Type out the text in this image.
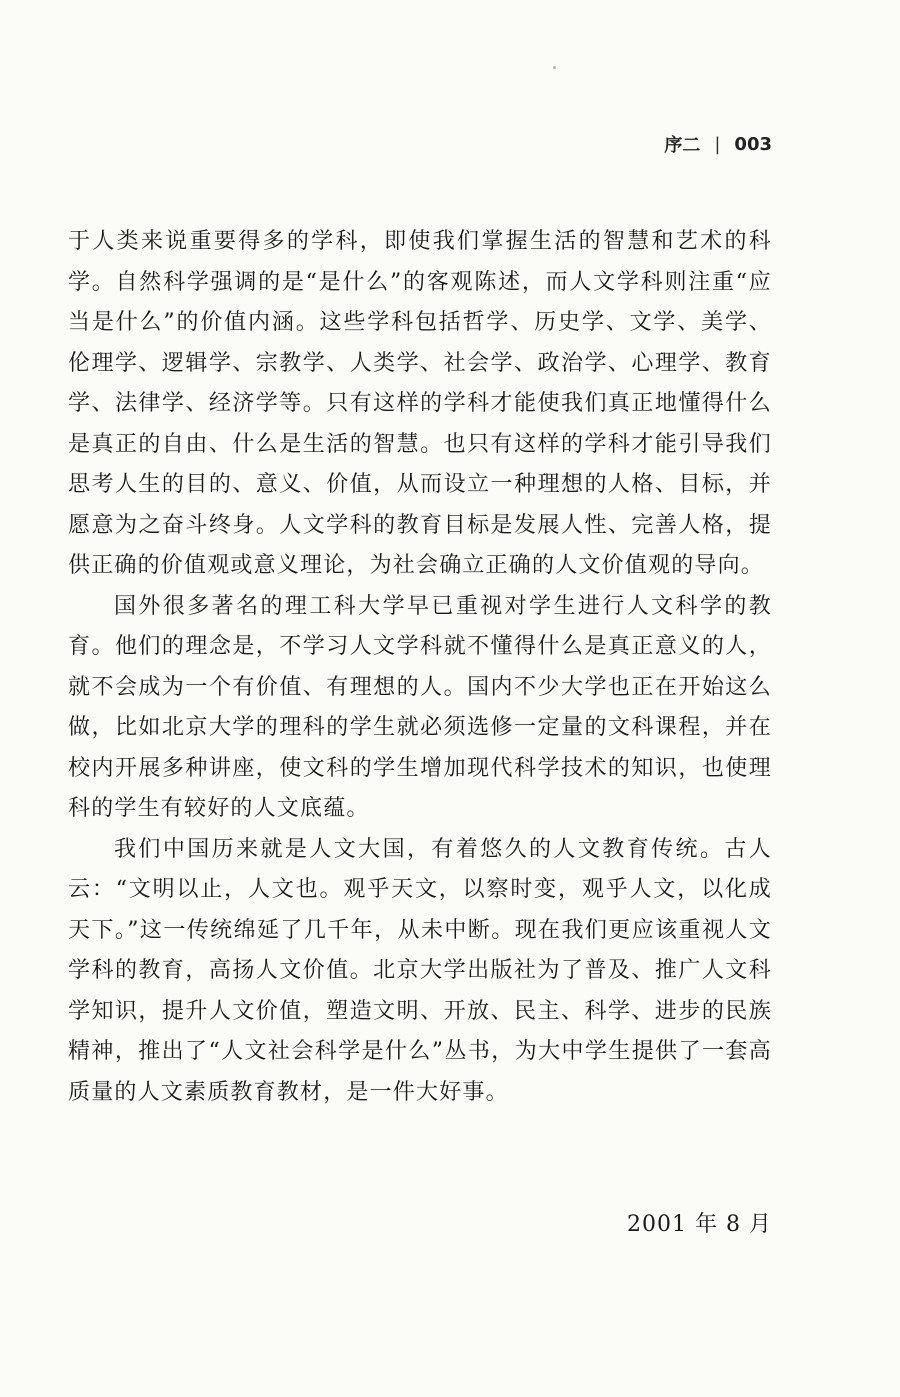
序二 | 003

于人类来说重要得多的学科，即使我们掌握生活的智慧和艺术的科学。自然科学强调的是“是什么”的客观陈述，而人文学科则注重“应当是什么”的价值内涵。这些学科包括哲学、历史学、文学、美学、伦理学、逻辑学、宗教学、人类学、社会学、政治学、心理学、教育学、法律学、经济学等。只有这样的学科才能使我们真正地懂得什么是真正的自由、什么是生活的智慧。也只有这样的学科才能引导我们思考人生的目的、意义、价值，从而设立一种理想的人格、目标，并愿意为之奋斗终身。人文学科的教育目标是发展人性、完善人格，提供正确的价值观或意义理论，为社会确立正确的人文价值观的导向。

国外很多著名的理工科大学早已重视对学生进行人文科学的教育。他们的理念是，不学习人文学科就不懂得什么是真正意义的人，就不会成为一个有价值、有理想的人。国内不少大学也正在开始这么做，比如北京大学的理科的学生就必须选修一定量的文科课程，并在校内开展多种讲座，使文科的学生增加现代科学技术的知识，也使理科的学生有较好的人文底蕴。

我们中国历来就是人文大国，有着悠久的人文教育传统。古人云：“文明以止，人文也。观乎天文，以察时变，观乎人文，以化成天下。”这一传统绵延了几千年，从未中断。现在我们更应该重视人文学科的教育，高扬人文价值。北京大学出版社为了普及、推广人文科学知识，提升人文价值，塑造文明、开放、民主、科学、进步的民族精神，推出了“人文社会科学是什么”丛书，为大中学生提供了一套高质量的人文素质教育教材，是一件大好事。

2001 年 8 月
